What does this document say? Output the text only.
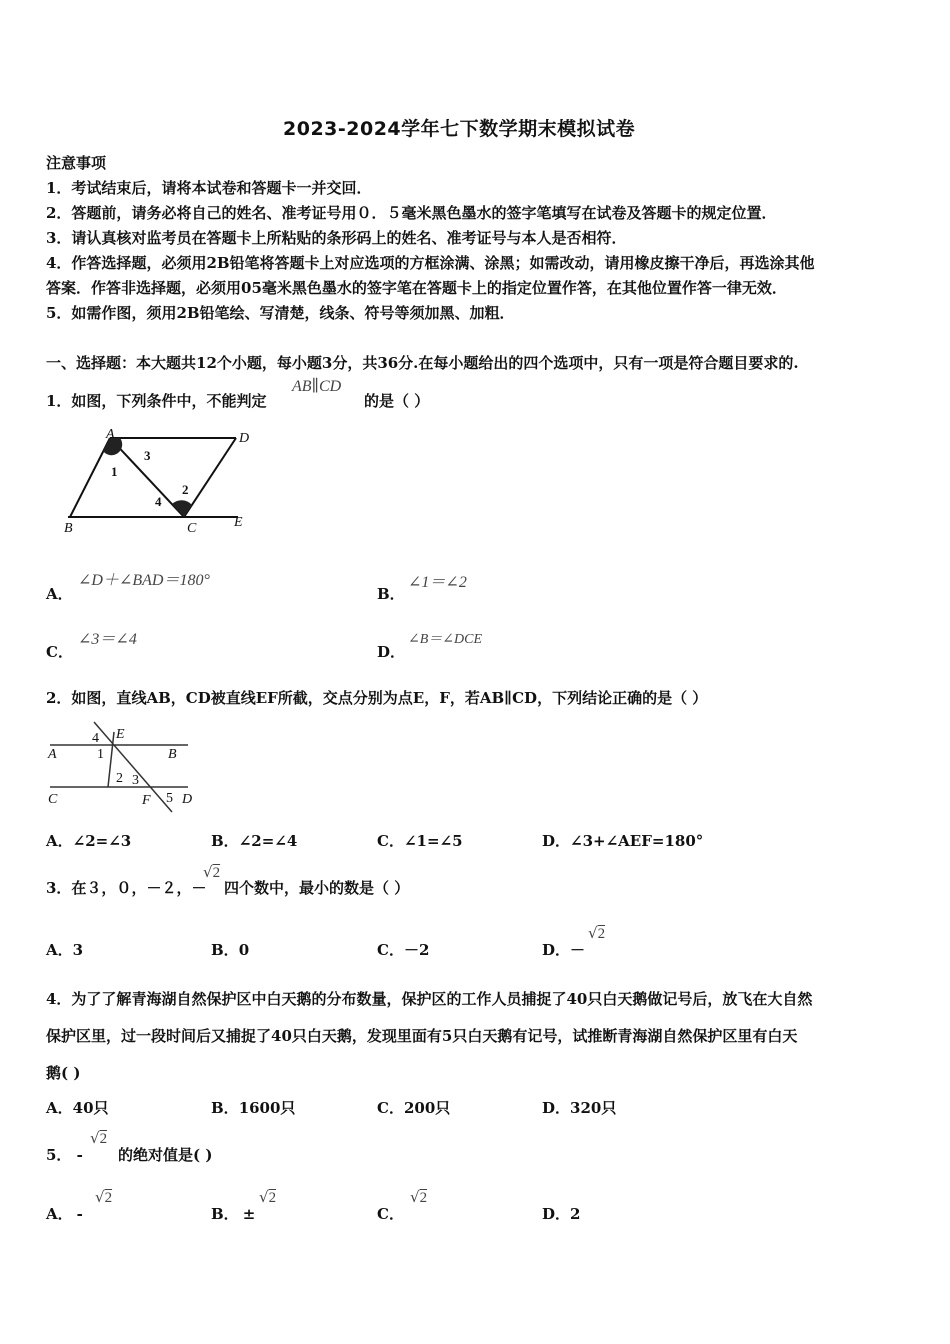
2023-2024学年七下数学期末模拟试卷
注意事项
1．考试结束后，请将本试卷和答题卡一并交回．
2．答题前，请务必将自己的姓名、准考证号用０．５毫米黑色墨水的签字笔填写在试卷及答题卡的规定位置．
3．请认真核对监考员在答题卡上所粘贴的条形码上的姓名、准考证号与本人是否相符．
4．作答选择题，必须用2B铅笔将答题卡上对应选项的方框涂满、涂黑；如需改动，请用橡皮擦干净后，再选涂其他
答案．作答非选择题，必须用05毫米黑色墨水的签字笔在答题卡上的指定位置作答，在其他位置作答一律无效．
5．如需作图，须用2B铅笔绘、写清楚，线条、符号等须加黑、加粗．
一、选择题：本大题共12个小题，每小题3分，共36分.在每小题给出的四个选项中，只有一项是符合题目要求的.
1．如图，下列条件中，不能判定
AB∥CD
的是（ ）
A	D
B	C	E
1
3
2
4
A．
∠D＋∠BAD＝180°
B．
∠1＝∠2
C．
∠3＝∠4
D．
∠B＝∠DCE
2．如图，直线AB，CD被直线EF所截，交点分别为点E，F，若AB∥CD，下列结论正确的是（ ）
A	B
C	D
E
F
4
1
2 3
5
A．∠2=∠3	B．∠2=∠4	C．∠1=∠5	D．∠3+∠AEF=180°
3．在３，０，－２，－
√2
四个数中，最小的数是（ ）
A．3	B．0	C．－2	D．－
√2
4．为了了解青海湖自然保护区中白天鹅的分布数量，保护区的工作人员捕捉了40只白天鹅做记号后，放飞在大自然
保护区里，过一段时间后又捕捉了40只白天鹅，发现里面有5只白天鹅有记号，试推断青海湖自然保护区里有白天
鹅( )
A．40只	B．1600只	C．200只	D．320只
5． -
√2
的绝对值是( )
A． -
√2
B． ±
√2
C．
√2
D．2
